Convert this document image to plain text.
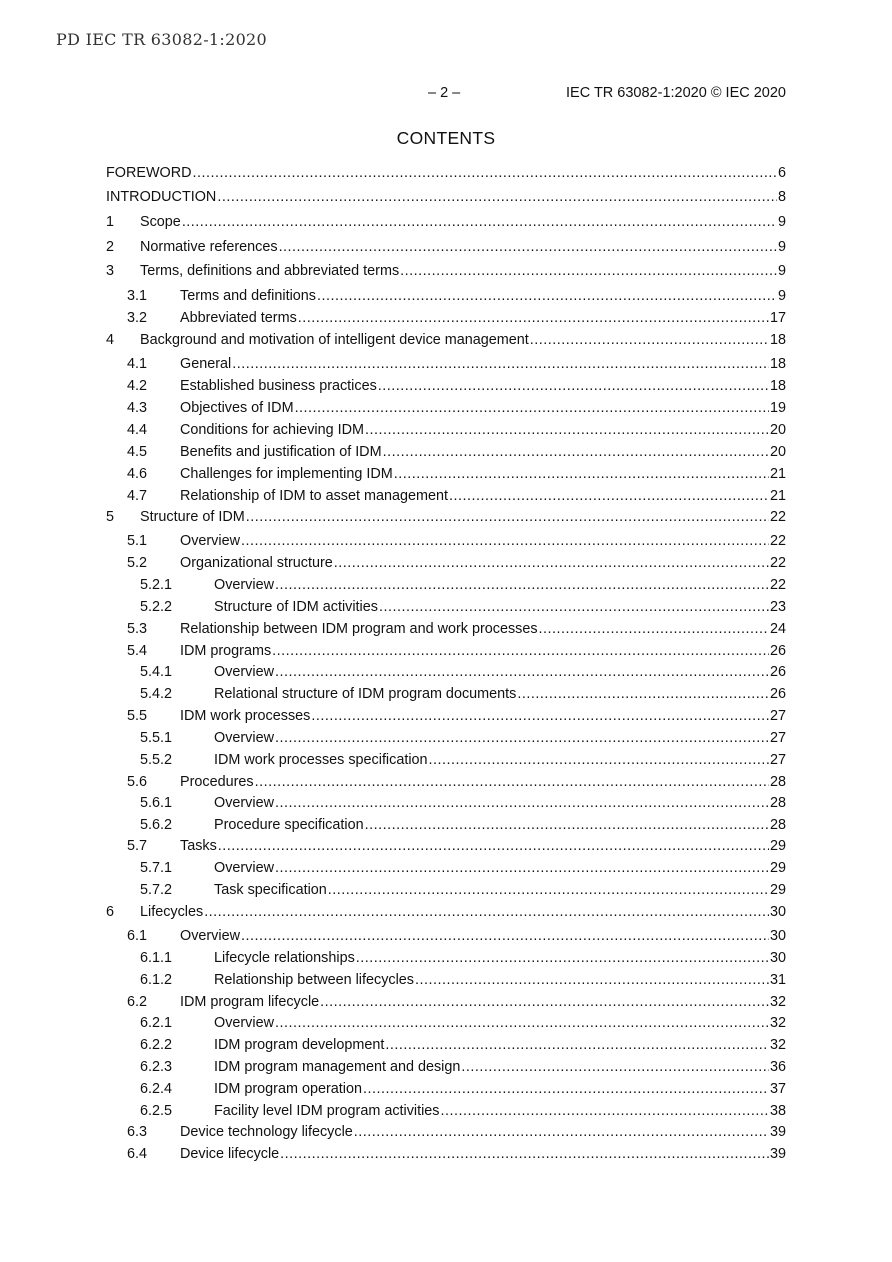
PD IEC TR 63082-1:2020
– 2 –	IEC TR 63082-1:2020 © IEC 2020
CONTENTS
FOREWORD .....	6
INTRODUCTION .....	8
1	Scope .....	9
2	Normative references .....	9
3	Terms, definitions and abbreviated terms .....	9
3.1	Terms and definitions .....	9
3.2	Abbreviated terms .....	17
4	Background and motivation of intelligent device management .....	18
4.1	General .....	18
4.2	Established business practices .....	18
4.3	Objectives of IDM .....	19
4.4	Conditions for achieving IDM .....	20
4.5	Benefits and justification of IDM .....	20
4.6	Challenges for implementing IDM .....	21
4.7	Relationship of IDM to asset management .....	21
5	Structure of IDM .....	22
5.1	Overview .....	22
5.2	Organizational structure .....	22
5.2.1	Overview .....	22
5.2.2	Structure of IDM activities .....	23
5.3	Relationship between IDM program and work processes .....	24
5.4	IDM programs .....	26
5.4.1	Overview .....	26
5.4.2	Relational structure of IDM program documents .....	26
5.5	IDM work processes .....	27
5.5.1	Overview .....	27
5.5.2	IDM work processes specification .....	27
5.6	Procedures .....	28
5.6.1	Overview .....	28
5.6.2	Procedure specification .....	28
5.7	Tasks .....	29
5.7.1	Overview .....	29
5.7.2	Task specification .....	29
6	Lifecycles .....	30
6.1	Overview .....	30
6.1.1	Lifecycle relationships .....	30
6.1.2	Relationship between lifecycles .....	31
6.2	IDM program lifecycle .....	32
6.2.1	Overview .....	32
6.2.2	IDM program development .....	32
6.2.3	IDM program management and design .....	36
6.2.4	IDM program operation .....	37
6.2.5	Facility level IDM program activities .....	38
6.3	Device technology lifecycle .....	39
6.4	Device lifecycle .....	39
